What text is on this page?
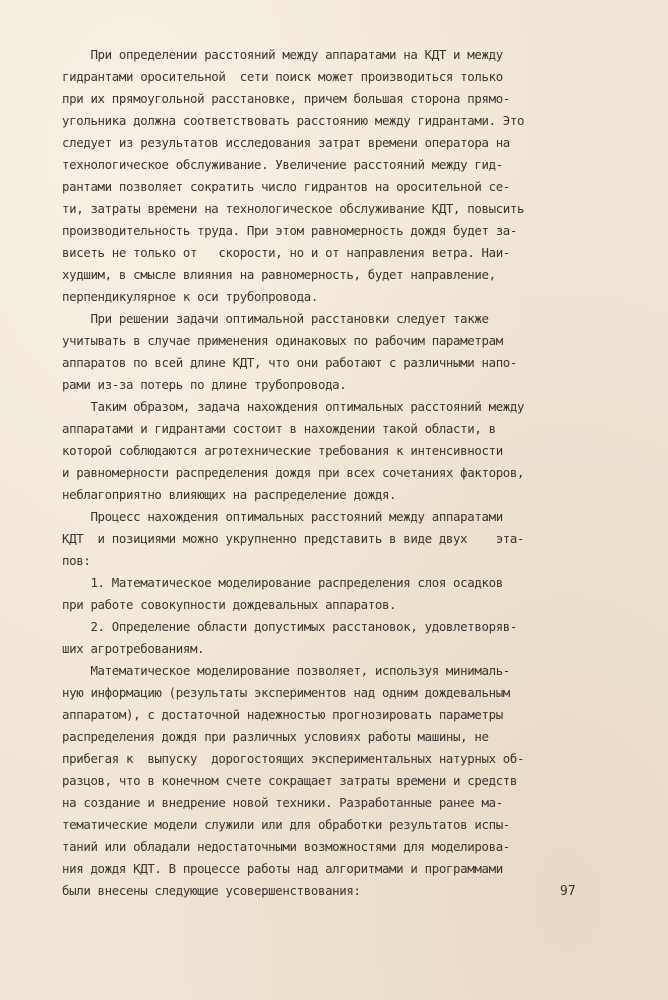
При определении расстояний между аппаратами на КДТ и между
гидрантами оросительной  сети поиск может производиться только
при их прямоугольной расстановке, причем большая сторона прямо-
угольника должна соответствовать расстоянию между гидрантами. Это
следует из результатов исследования затрат времени оператора на
технологическое обслуживание. Увеличение расстояний между гид-
рантами позволяет сократить число гидрантов на оросительной се-
ти, затраты времени на технологическое обслуживание КДТ, повысить
производительность труда. При этом равномерность дождя будет за-
висеть не только от   скорости, но и от направления ветра. Наи-
худшим, в смысле влияния на равномерность, будет направление,
перпендикулярное к оси трубопровода.
При решении задачи оптимальной расстановки следует также
учитывать в случае применения одинаковых по рабочим параметрам
аппаратов по всей длине КДТ, что они работают с различными напо-
рами из-за потерь по длине трубопровода.
Таким образом, задача нахождения оптимальных расстояний между
аппаратами и гидрантами состоит в нахождении такой области, в
которой соблюдаются агротехнические требования к интенсивности
и равномерности распределения дождя при всех сочетаниях факторов,
неблагоприятно влияющих на распределение дождя.
Процесс нахождения оптимальных расстояний между аппаратами
КДТ  и позициями можно укрупненно представить в виде двух    эта-
пов:
1. Математическое моделирование распределения слоя осадков
при работе совокупности дождевальных аппаратов.
2. Определение области допустимых расстановок, удовлетворяв-
ших агротребованиям.
Математическое моделирование позволяет, используя минималь-
ную информацию (результаты экспериментов над одним дождевальным
аппаратом), с достаточной надежностью прогнозировать параметры
распределения дождя при различных условиях работы машины, не
прибегая к  выпуску  дорогостоящих экспериментальных натурных об-
разцов, что в конечном счете сокращает затраты времени и средств
на создание и внедрение новой техники. Разработанные ранее ма-
тематические модели служили или для обработки результатов испы-
таний или обладали недостаточными возможностями для моделирова-
ния дождя КДТ. В процессе работы над алгоритмами и программами
были внесены следующие усовершенствования:	97
